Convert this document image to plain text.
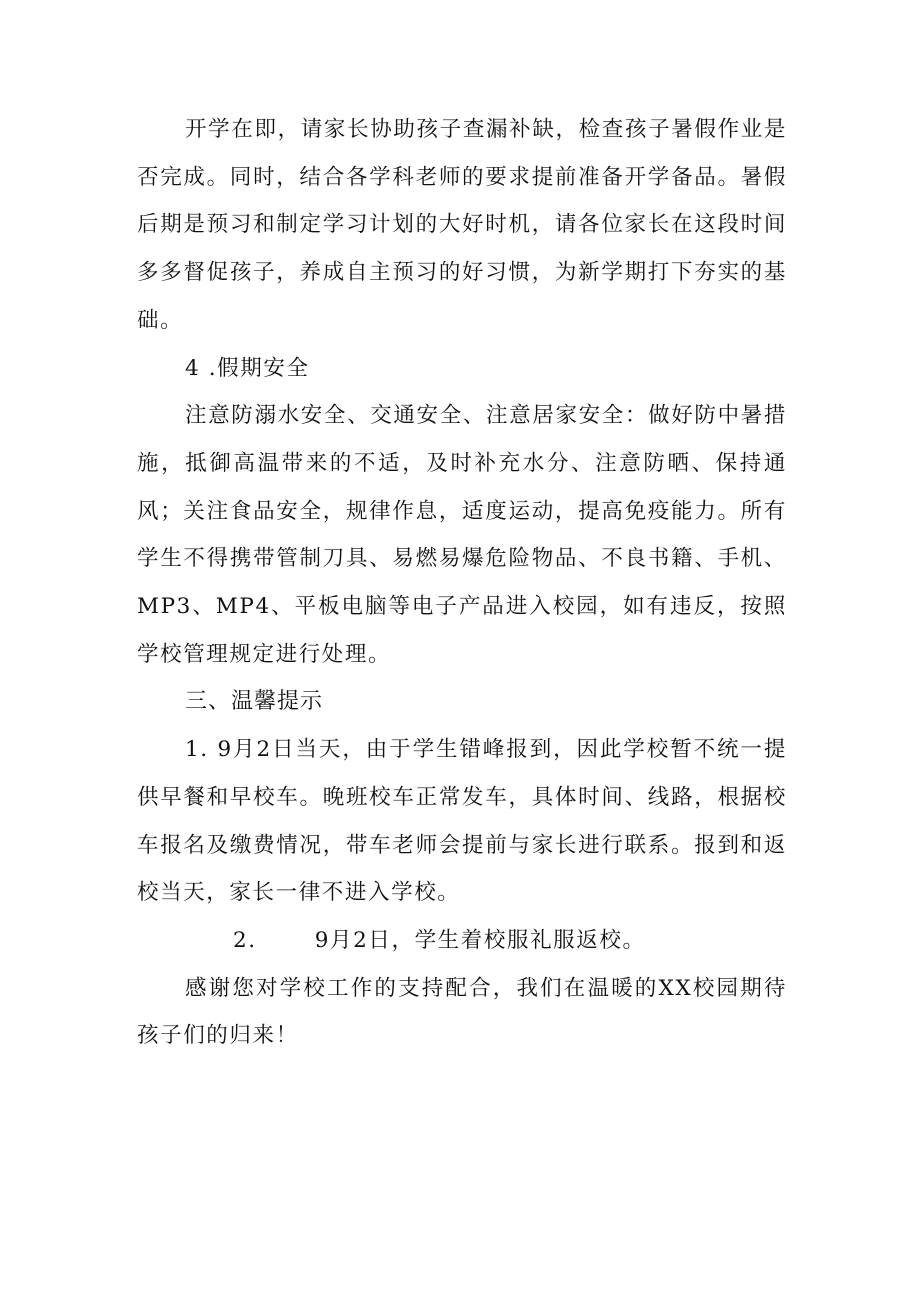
开学在即，请家长协助孩子查漏补缺，检查孩子暑假作业是否完成。同时，结合各学科老师的要求提前准备开学备品。暑假后期是预习和制定学习计划的大好时机，请各位家长在这段时间多多督促孩子，养成自主预习的好习惯，为新学期打下夯实的基础。

4 .假期安全

注意防溺水安全、交通安全、注意居家安全：做好防中暑措施，抵御高温带来的不适，及时补充水分、注意防晒、保持通风；关注食品安全，规律作息，适度运动，提高免疫能力。所有学生不得携带管制刀具、易燃易爆危险物品、不良书籍、手机、MP3、MP4、平板电脑等电子产品进入校园，如有违反，按照学校管理规定进行处理。

三、温馨提示

1. 9月2日当天，由于学生错峰报到，因此学校暂不统一提供早餐和早校车。晚班校车正常发车，具体时间、线路，根据校车报名及缴费情况，带车老师会提前与家长进行联系。报到和返校当天，家长一律不进入学校。

2.	9月2日，学生着校服礼服返校。

感谢您对学校工作的支持配合，我们在温暖的XX校园期待孩子们的归来！
